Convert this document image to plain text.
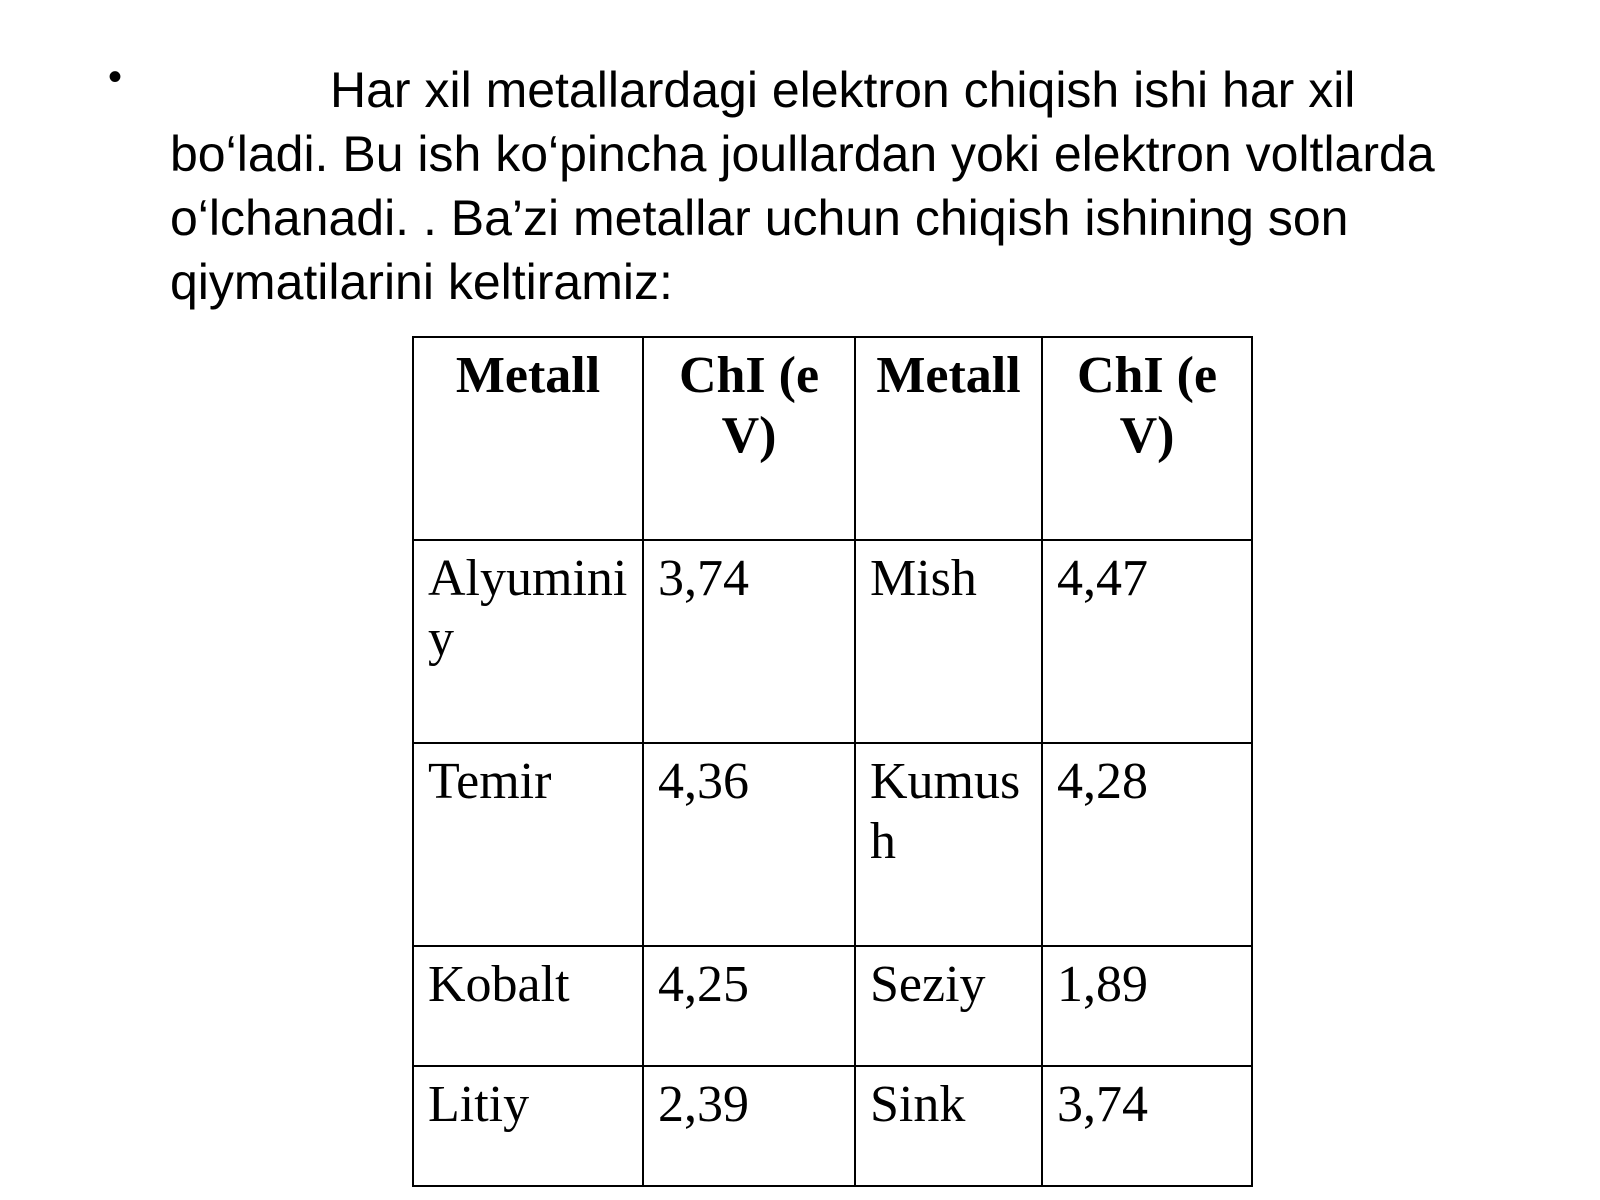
•	Har xil metallardagi elektron chiqish ishi har xil bo‘ladi. Bu ish ko‘pincha joullardan yoki elektron voltlarda o‘lchanadi. . Ba’zi metallar uchun chiqish ishining son qiymatilarini keltiramiz:

Metall	ChI (eV)	Metall	ChI (eV)
Alyuminiy	3,74	Mish	4,47
Temir	4,36	Kumush	4,28
Kobalt	4,25	Seziy	1,89
Litiy	2,39	Sink	3,74
